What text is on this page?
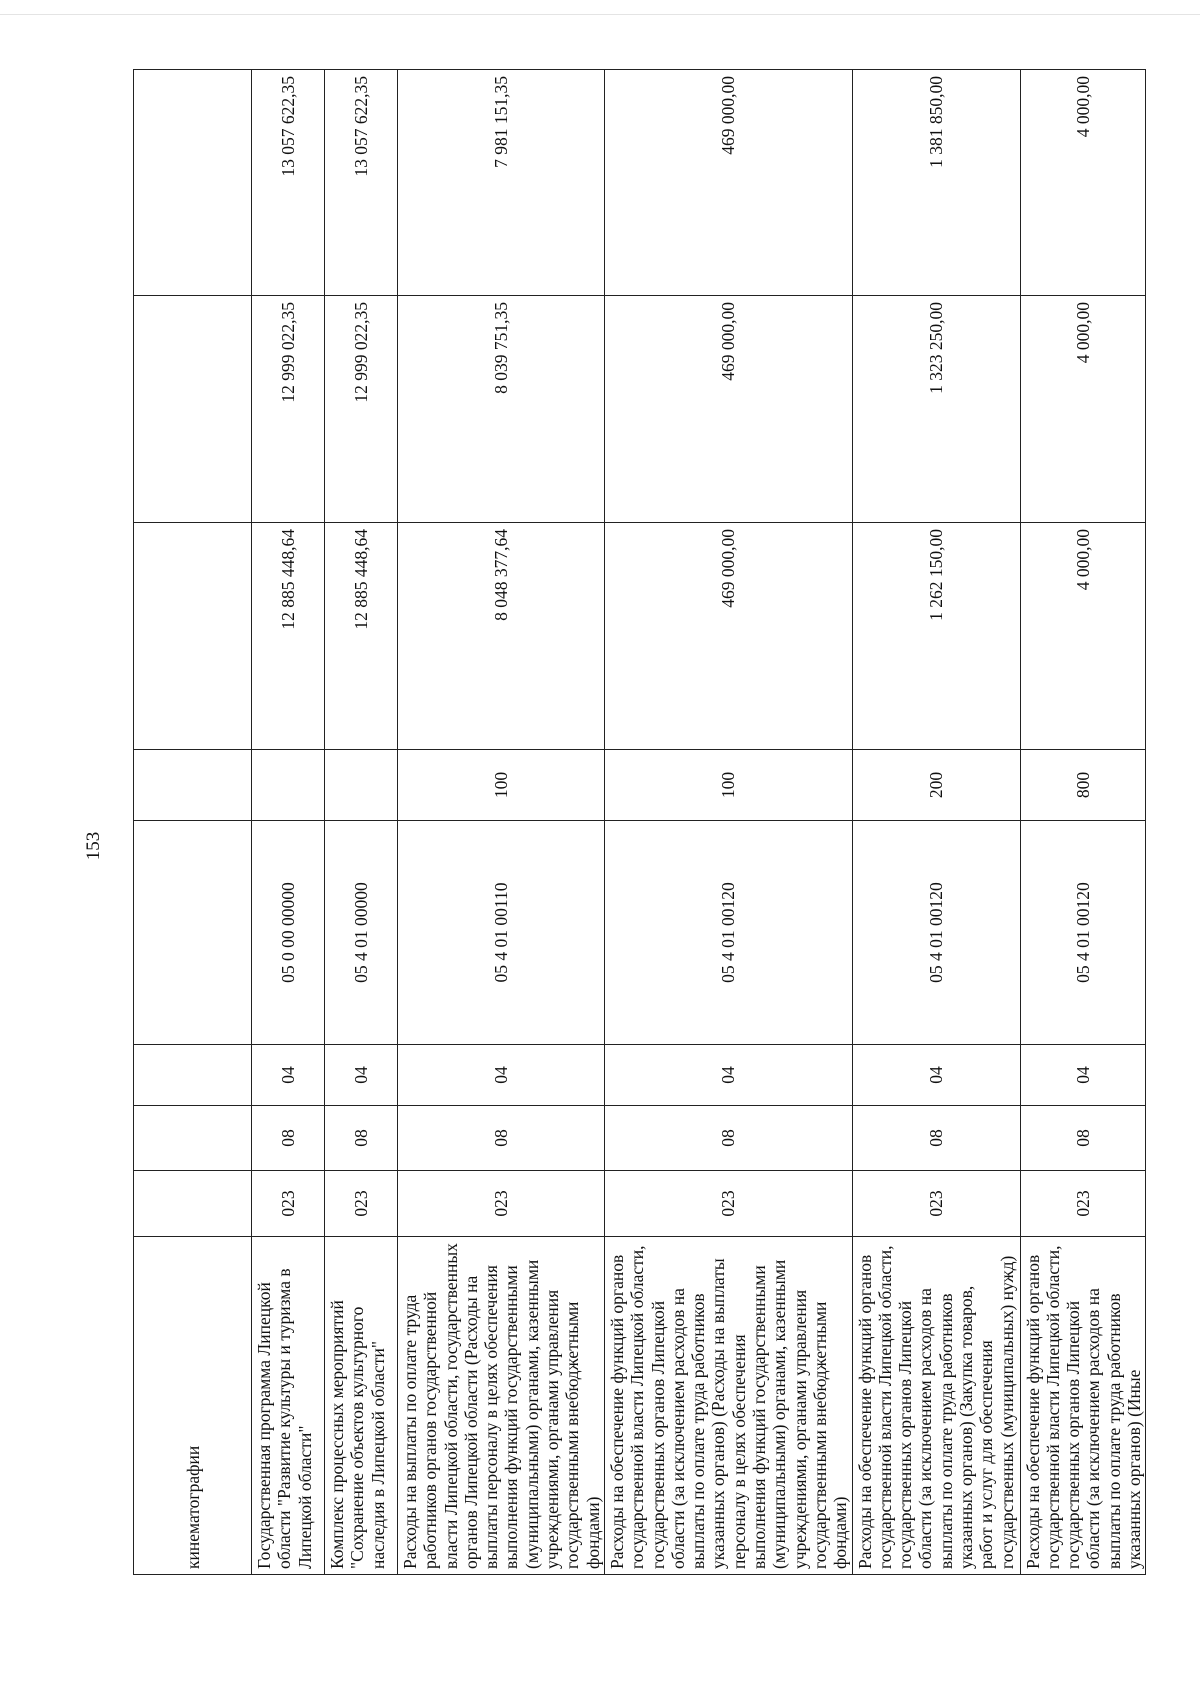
153
кинематографии								
Государственная программа Липецкой области "Развитие культуры и туризма в Липецкой области"	023	08	04	05 0 00 00000		12 885 448,64	12 999 022,35	13 057 622,35
Комплекс процессных мероприятий "Сохранение объектов культурного наследия в Липецкой области"	023	08	04	05 4 01 00000		12 885 448,64	12 999 022,35	13 057 622,35
Расходы на выплаты по оплате труда работников органов государственной власти Липецкой области, государственных органов Липецкой области (Расходы на выплаты персоналу в целях обеспечения выполнения функций государственными (муниципальными) органами, казенными учреждениями, органами управления государственными внебюджетными фондами)	023	08	04	05 4 01 00110	100	8 048 377,64	8 039 751,35	7 981 151,35
Расходы на обеспечение функций органов государственной власти Липецкой области, государственных органов Липецкой области (за исключением расходов на выплаты по оплате труда работников указанных органов) (Расходы на выплаты персоналу в целях обеспечения выполнения функций государственными (муниципальными) органами, казенными учреждениями, органами управления государственными внебюджетными фондами)	023	08	04	05 4 01 00120	100	469 000,00	469 000,00	469 000,00
Расходы на обеспечение функций органов государственной власти Липецкой области, государственных органов Липецкой области (за исключением расходов на выплаты по оплате труда работников указанных органов) (Закупка товаров, работ и услуг для обеспечения государственных (муниципальных) нужд)	023	08	04	05 4 01 00120	200	1 262 150,00	1 323 250,00	1 381 850,00
Расходы на обеспечение функций органов государственной власти Липецкой области, государственных органов Липецкой области (за исключением расходов на выплаты по оплате труда работников указанных органов) (Иные	023	08	04	05 4 01 00120	800	4 000,00	4 000,00	4 000,00
